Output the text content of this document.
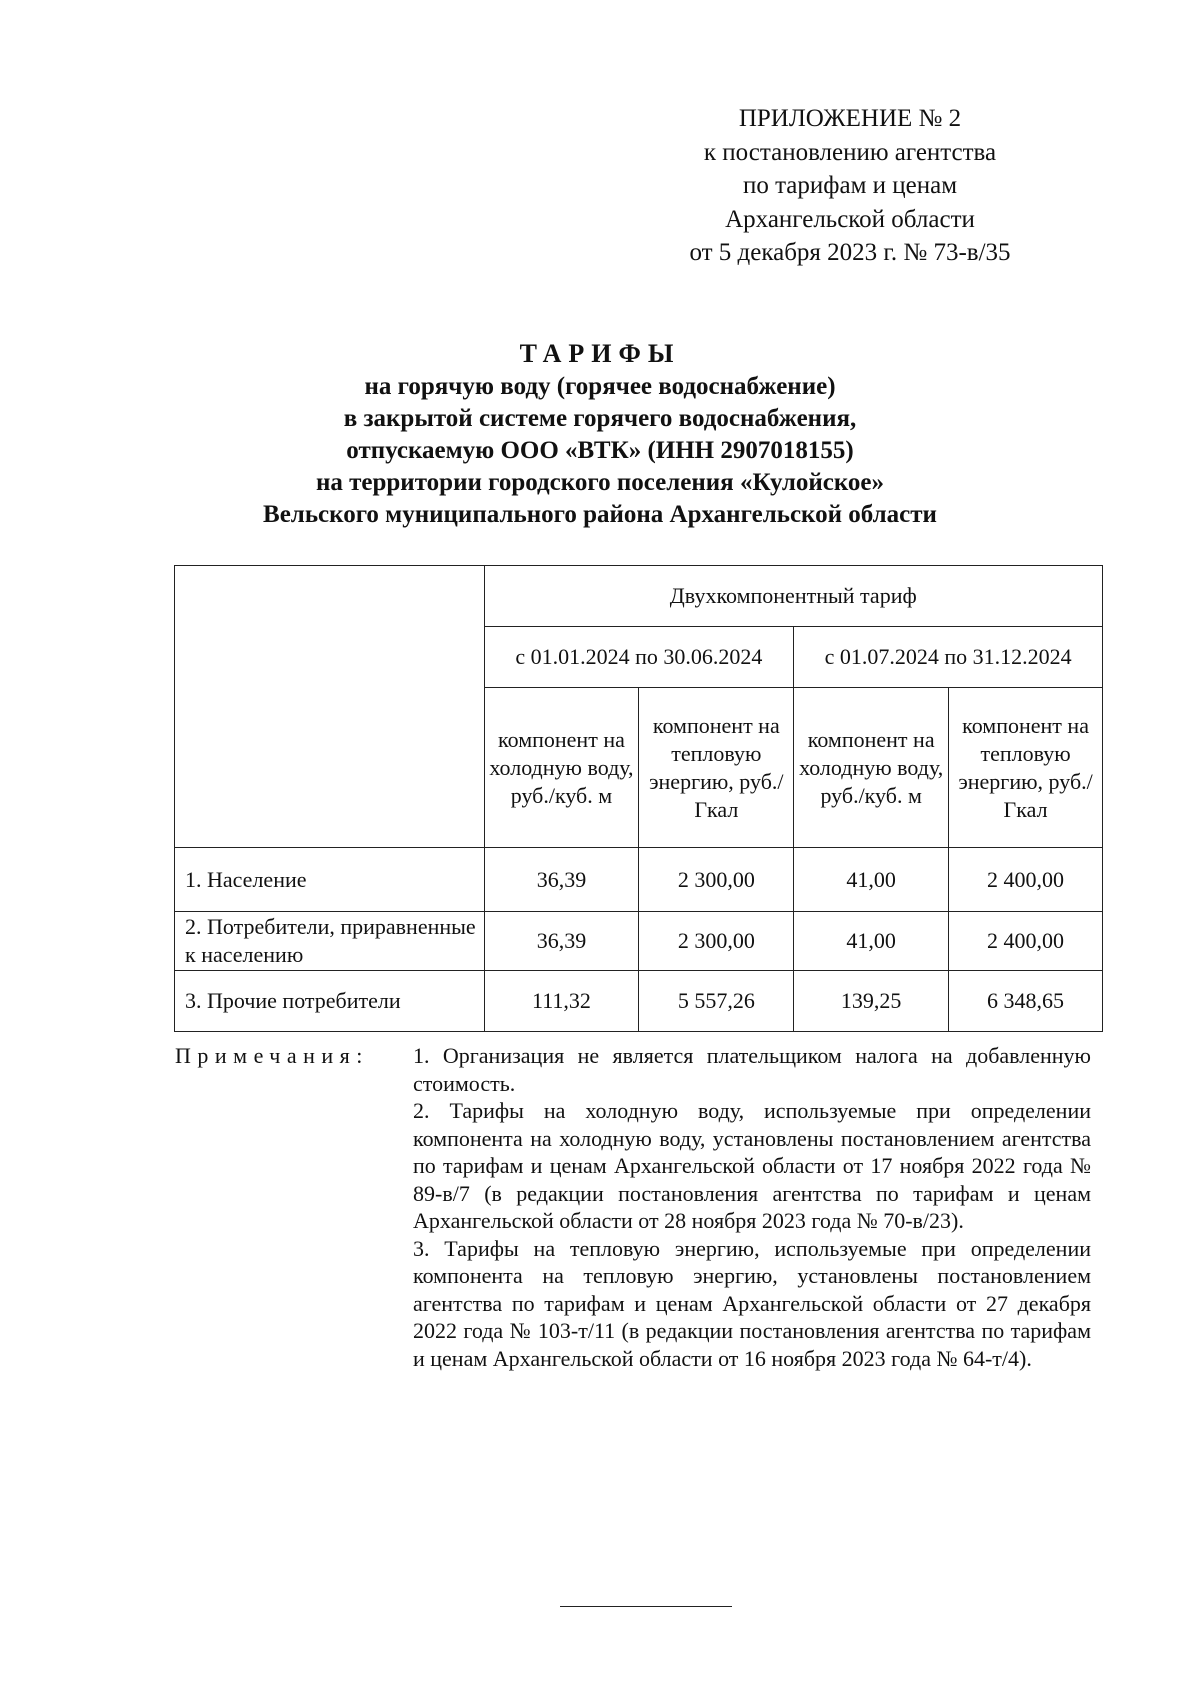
ПРИЛОЖЕНИЕ № 2
к постановлению агентства
по тарифам и ценам
Архангельской области
от 5 декабря 2023 г. № 73-в/35
ТАРИФЫ
на горячую воду (горячее водоснабжение)
в закрытой системе горячего водоснабжения,
отпускаемую ООО «ВТК» (ИНН 2907018155)
на территории городского поселения «Кулойское»
Вельского муниципального района Архангельской области
	Двухкомпонентный тариф			
	с 01.01.2024 по 30.06.2024		с 01.07.2024 по 31.12.2024	
	компонент на холодную воду, руб./куб. м	компонент на тепловую энергию, руб./Гкал	компонент на холодную воду, руб./куб. м	компонент на тепловую энергию, руб./Гкал
1. Население	36,39	2 300,00	41,00	2 400,00
2. Потребители, приравненные к населению	36,39	2 300,00	41,00	2 400,00
3. Прочие потребители	111,32	5 557,26	139,25	6 348,65
Примечания: 1. Организация не является плательщиком налога на добавленную стоимость.

2. Тарифы на холодную воду, используемые при определении компонента на холодную воду, установлены постановлением агентства по тарифам и ценам Архангельской области от 17 ноября 2022 года № 89-в/7 (в редакции постановления агентства по тарифам и ценам Архангельской области от 28 ноября 2023 года № 70-в/23).

3. Тарифы на тепловую энергию, используемые при определении компонента на тепловую энергию, установлены постановлением агентства по тарифам и ценам Архангельской области от 27 декабря 2022 года № 103-т/11 (в редакции постановления агентства по тарифам и ценам Архангельской области от 16 ноября 2023 года № 64-т/4).
